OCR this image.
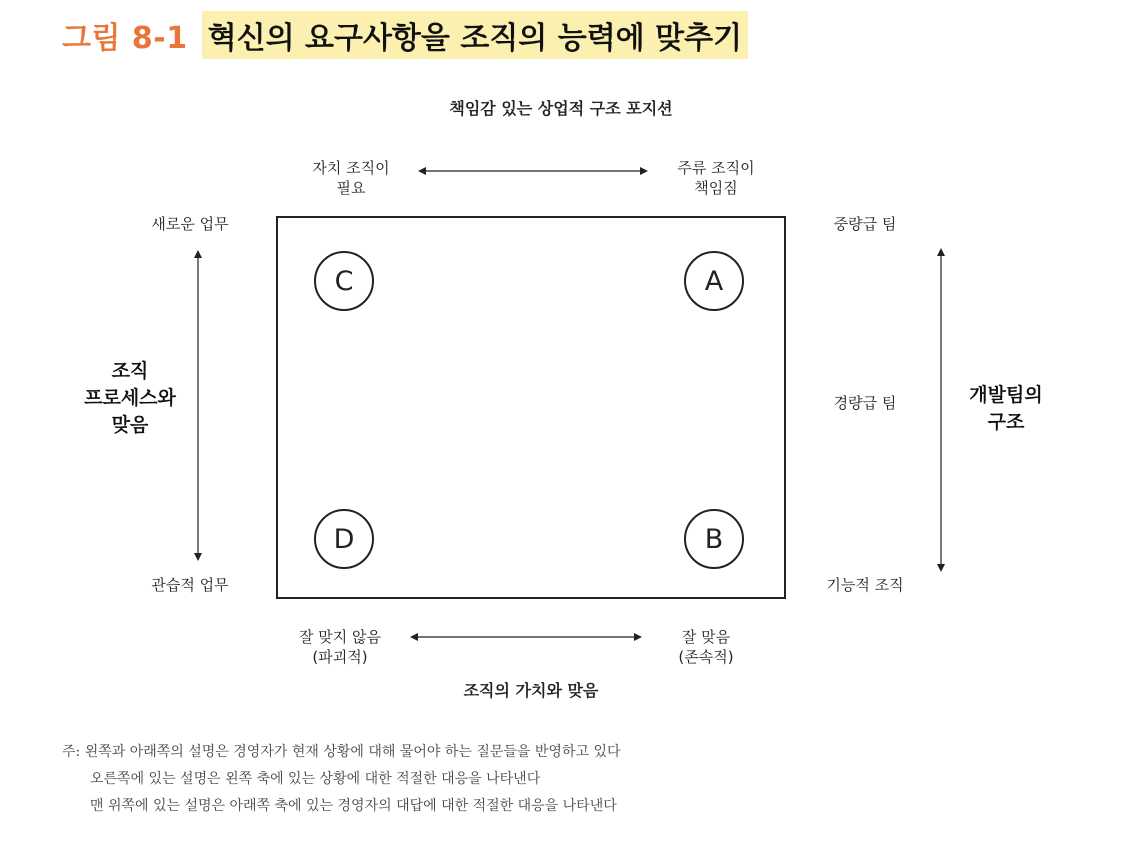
그림 8-1 혁신의 요구사항을 조직의 능력에 맞추기
책임감 있는 상업적 구조 포지션
자치 조직이
필요
주류 조직이
책임짐
새로운 업무
관습적 업무
조직
프로세스와
맞음
중량급 팀
경량급 팀
기능적 조직
개발팀의
구조
C	A
D	B
잘 맞지 않음
(파괴적)
잘 맞음
(존속적)
조직의 가치와 맞음
주: 왼쪽과 아래쪽의 설명은 경영자가 현재 상황에 대해 물어야 하는 질문들을 반영하고 있다
오른쪽에 있는 설명은 왼쪽 축에 있는 상황에 대한 적절한 대응을 나타낸다
맨 위쪽에 있는 설명은 아래쪽 축에 있는 경영자의 대답에 대한 적절한 대응을 나타낸다
